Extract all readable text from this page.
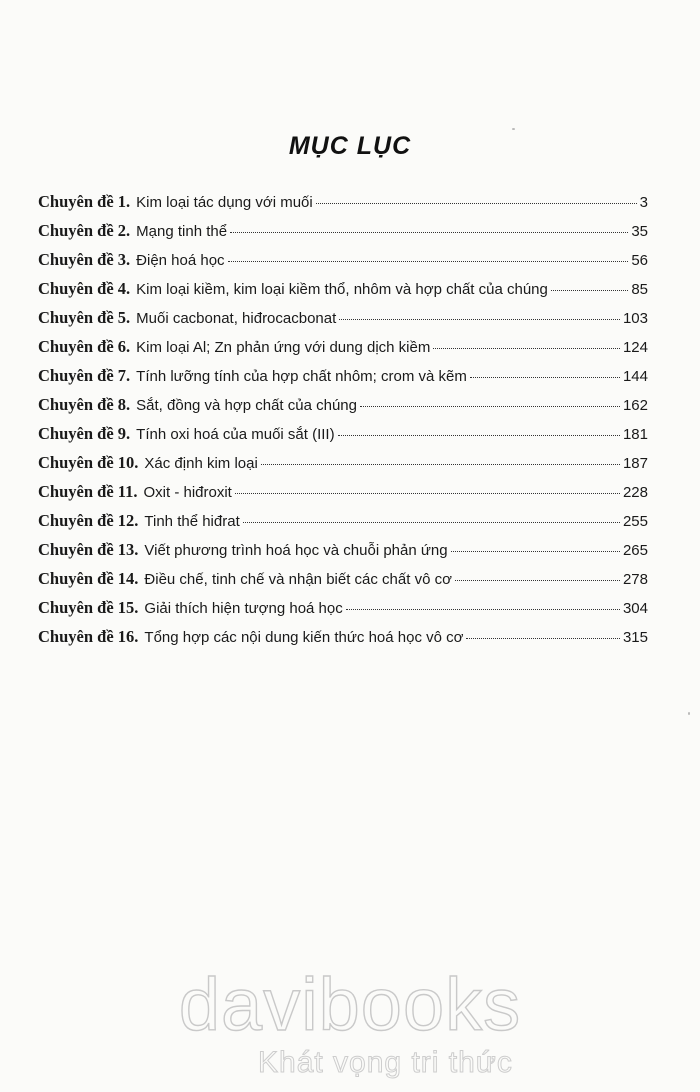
MỤC LỤC
Chuyên đề 1. Kim loại tác dụng với muối	3
Chuyên đề 2. Mạng tinh thể	35
Chuyên đề 3. Điện hoá học	56
Chuyên đề 4. Kim loại kiềm, kim loại kiềm thổ, nhôm và hợp chất của chúng	85
Chuyên đề 5. Muối cacbonat, hiđrocacbonat	103
Chuyên đề 6. Kim loại Al; Zn phản ứng với dung dịch kiềm	124
Chuyên đề 7. Tính lưỡng tính của hợp chất nhôm; crom và kẽm	144
Chuyên đề 8. Sắt, đồng và hợp chất của chúng	162
Chuyên đề 9. Tính oxi hoá của muối sắt (III)	181
Chuyên đề 10. Xác định kim loại	187
Chuyên đề 11. Oxit - hiđroxit	228
Chuyên đề 12. Tinh thể hiđrat	255
Chuyên đề 13. Viết phương trình hoá học và chuỗi phản ứng	265
Chuyên đề 14. Điều chế, tinh chế và nhận biết các chất vô cơ	278
Chuyên đề 15. Giải thích hiện tượng hoá học	304
Chuyên đề 16. Tổng hợp các nội dung kiến thức hoá học vô cơ	315
davibooks
Khát vọng tri thức
